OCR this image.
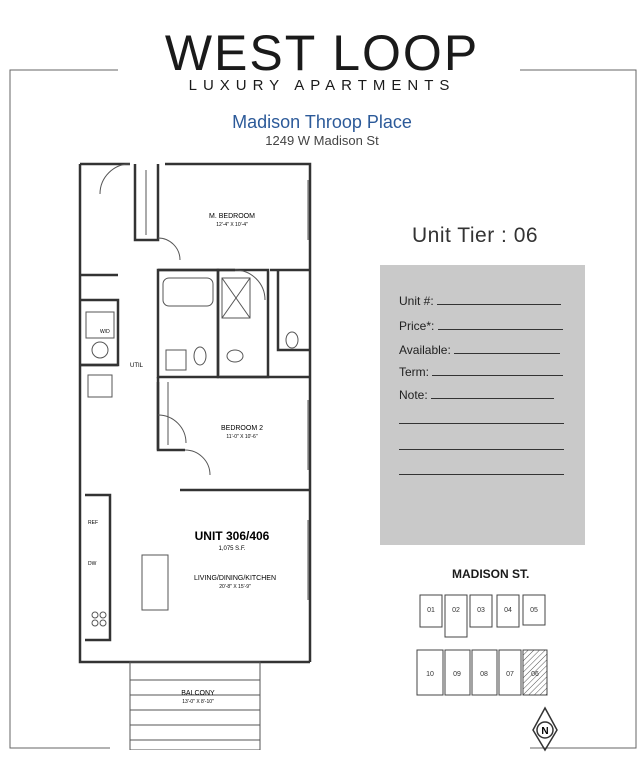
WEST LOOP
LUXURY APARTMENTS
Madison Throop Place
1249 W Madison St
Unit Tier : 06
Unit #:
Price*:
Available:
Term:
Note:
M. BEDROOM
12'-4" X 10'-4"
BEDROOM 2
11'-0" X 10'-6"
UNIT 306/406
1,075 S.F.
LIVING/DINING/KITCHEN
20'-8" X 15'-9"
BALCONY
13'-0" X 8'-10"
UTIL
W/D
REF
DW
MADISON ST.
01 02 03	04	05
10	09	08	07 06
N
